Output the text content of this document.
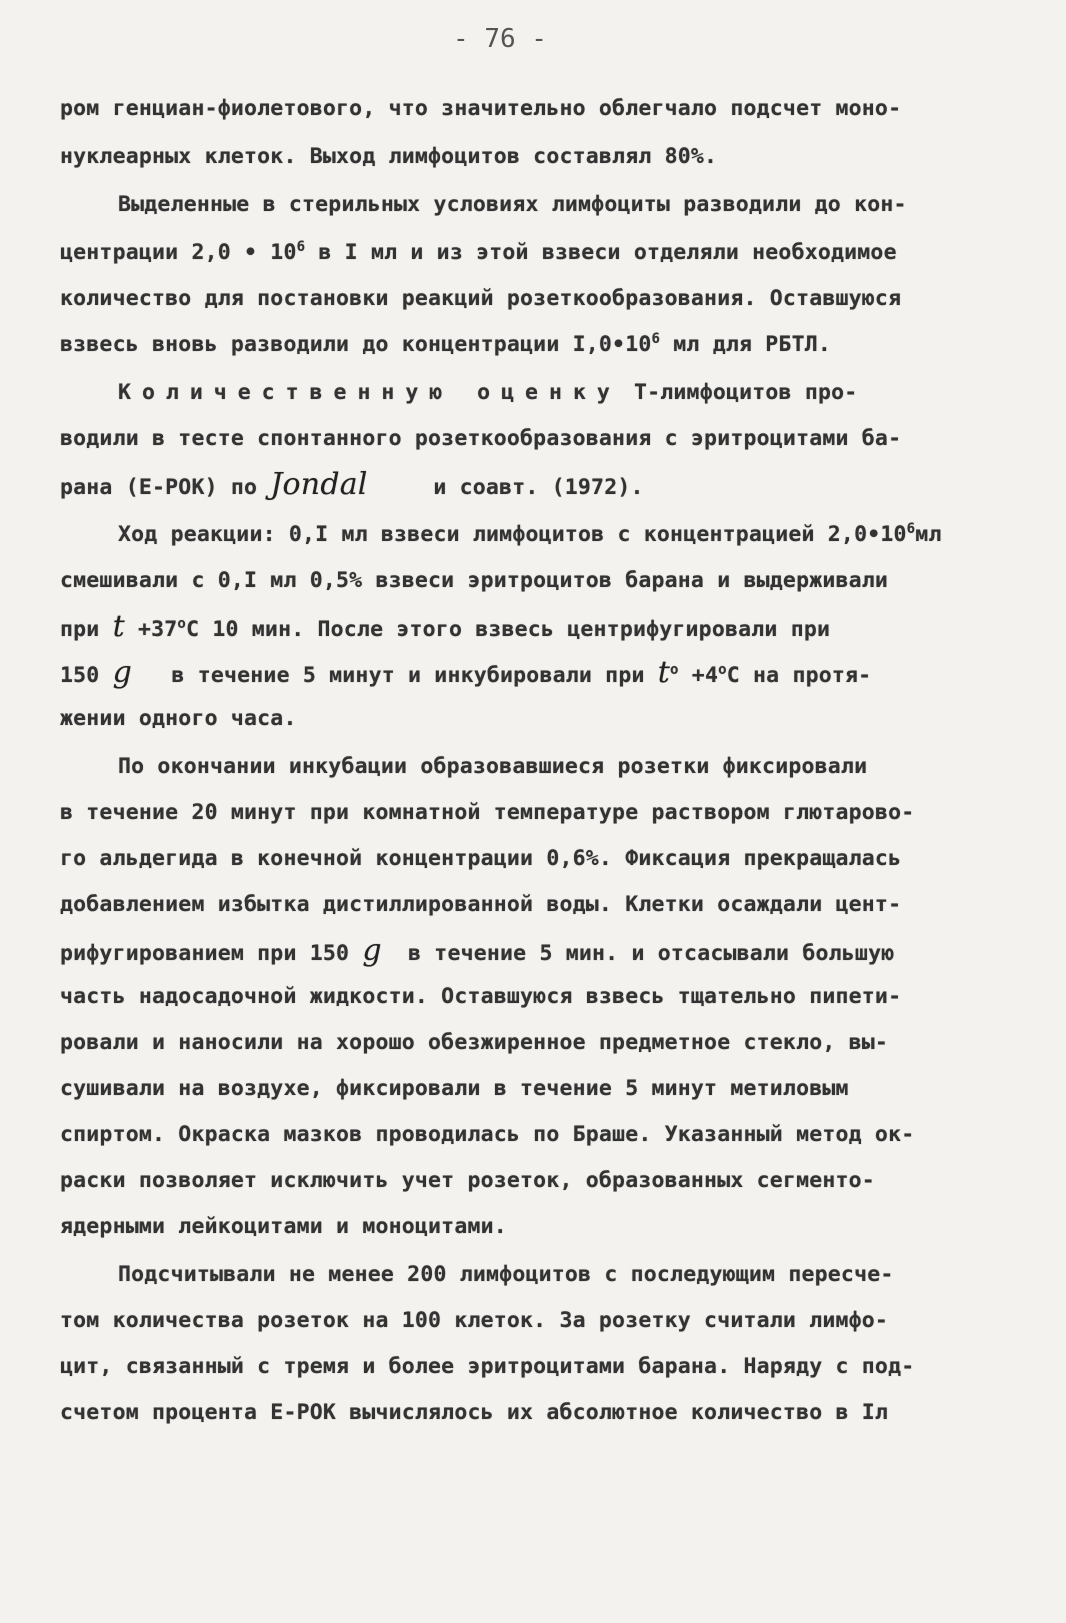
- 76 -
ром генциан-фиолетового, что значительно облегчало подсчет моно-
нуклеарных клеток. Выход лимфоцитов составлял 80%.
Выделенные в стерильных условиях лимфоциты разводили до кон-
центрации 2,0 • $10^6$ в I мл и из этой взвеси отделяли необходимое
количество для постановки реакций розеткообразования. Оставшуюся
взвесь вновь разводили до концентрации $I,0•10^6$ мл для РБТЛ.
Количественную оценку Т-лимфоцитов про-
водили в тесте спонтанного розеткообразования с эритроцитами ба-
рана (Е-РОК) по Jondal     и соавт. (1972).
Ход реакции: 0,I мл взвеси лимфоцитов с концентрацией $2,0•10^6мл$
смешивали с 0,I мл 0,5% взвеси эритроцитов барана и выдерживали
при $t +37^оС$ 10 мин. После этого взвесь центрифугировали при
150 g   в течение 5 минут и инкубировали при $t^о +4^оС$ на протя-
жении одного часа.
По окончании инкубации образовавшиеся розетки фиксировали
в течение 20 минут при комнатной температуре раствором глютарово-
го альдегида в конечной концентрации 0,6%. Фиксация прекращалась
добавлением избытка дистиллированной воды. Клетки осаждали цент-
рифугированием при 150 g  в течение 5 мин. и отсасывали большую
часть надосадочной жидкости. Оставшуюся взвесь тщательно пипети-
ровали и наносили на хорошо обезжиренное предметное стекло, вы-
сушивали на воздухе, фиксировали в течение 5 минут метиловым
спиртом. Окраска мазков проводилась по Браше. Указанный метод ок-
раски позволяет исключить учет розеток, образованных сегменто-
ядерными лейкоцитами и моноцитами.
Подсчитывали не менее 200 лимфоцитов с последующим пересче-
том количества розеток на 100 клеток. За розетку считали лимфо-
цит, связанный с тремя и более эритроцитами барана. Наряду с под-
счетом процента Е-РОК вычислялось их абсолютное количество в Iл
